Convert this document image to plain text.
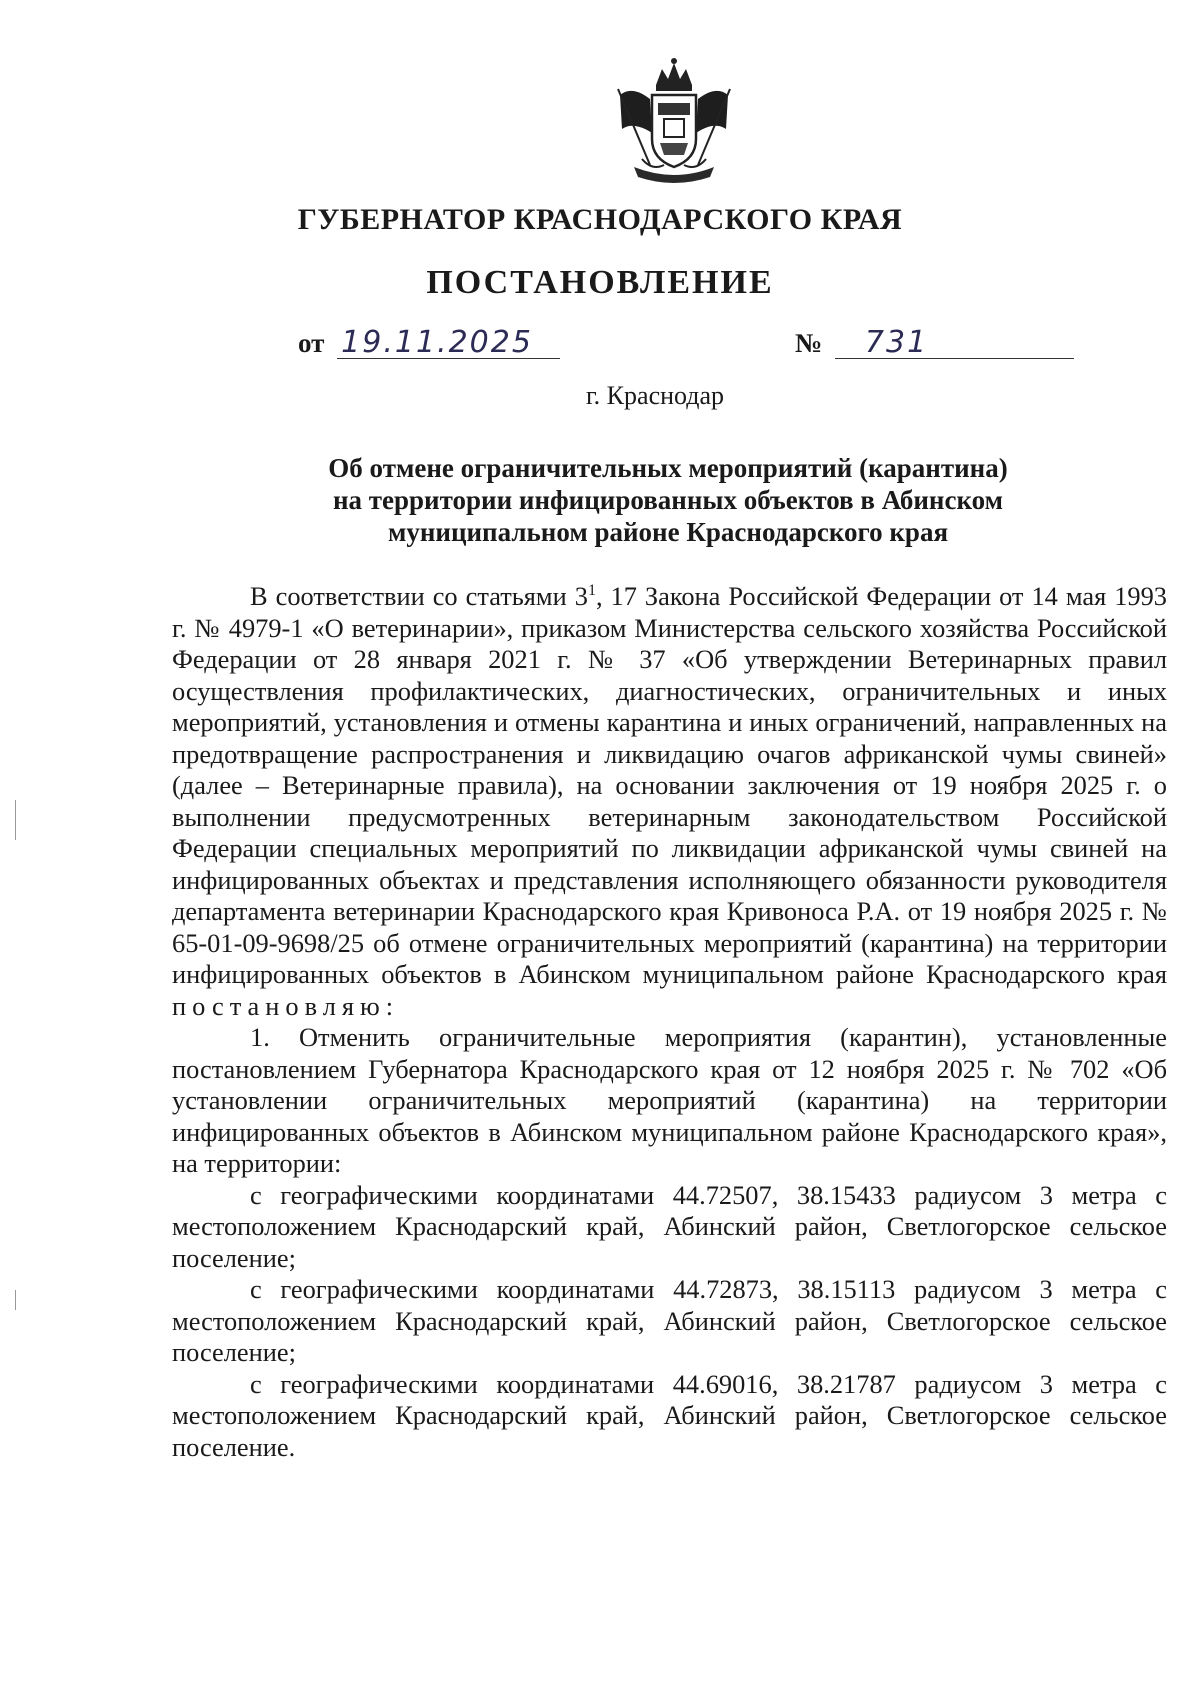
ГУБЕРНАТОР КРАСНОДАРСКОГО КРАЯ
ПОСТАНОВЛЕНИЕ
от 19.11.2025	№ 731
г. Краснодар
Об отмене ограничительных мероприятий (карантина)
на территории инфицированных объектов в Абинском
муниципальном районе Краснодарского края

В соответствии со статьями $3^1$, 17 Закона Российской Федерации от 14 мая 1993 г. № 4979-1 «О ветеринарии», приказом Министерства сельского хозяйства Российской Федерации от 28 января 2021 г. № 37 «Об утверждении Ветеринарных правил осуществления профилактических, диагностических, ограничительных и иных мероприятий, установления и отмены карантина и иных ограничений, направленных на предотвращение распространения и ликвидацию очагов африканской чумы свиней» (далее – Ветеринарные правила), на основании заключения от 19 ноября 2025 г. о выполнении предусмотренных ветеринарным законодательством Российской Федерации специальных мероприятий по ликвидации африканской чумы свиней на инфицированных объектах и представления исполняющего обязанности руководителя департамента ветеринарии Краснодарского края Кривоноса Р.А. от 19 ноября 2025 г. № 65-01-09-9698/25 об отмене ограничительных мероприятий (карантина) на территории инфицированных объектов в Абинском муниципальном районе Краснодарского края постановляю:

1. Отменить ограничительные мероприятия (карантин), установленные постановлением Губернатора Краснодарского края от 12 ноября 2025 г. № 702 «Об установлении ограничительных мероприятий (карантина) на территории инфицированных объектов в Абинском муниципальном районе Краснодарского края», на территории:

с географическими координатами 44.72507, 38.15433 радиусом 3 метра с местоположением Краснодарский край, Абинский район, Светлогорское сельское поселение;

с географическими координатами 44.72873, 38.15113 радиусом 3 метра с местоположением Краснодарский край, Абинский район, Светлогорское сельское поселение;

с географическими координатами 44.69016, 38.21787 радиусом 3 метра с местоположением Краснодарский край, Абинский район, Светлогорское сельское поселение.
